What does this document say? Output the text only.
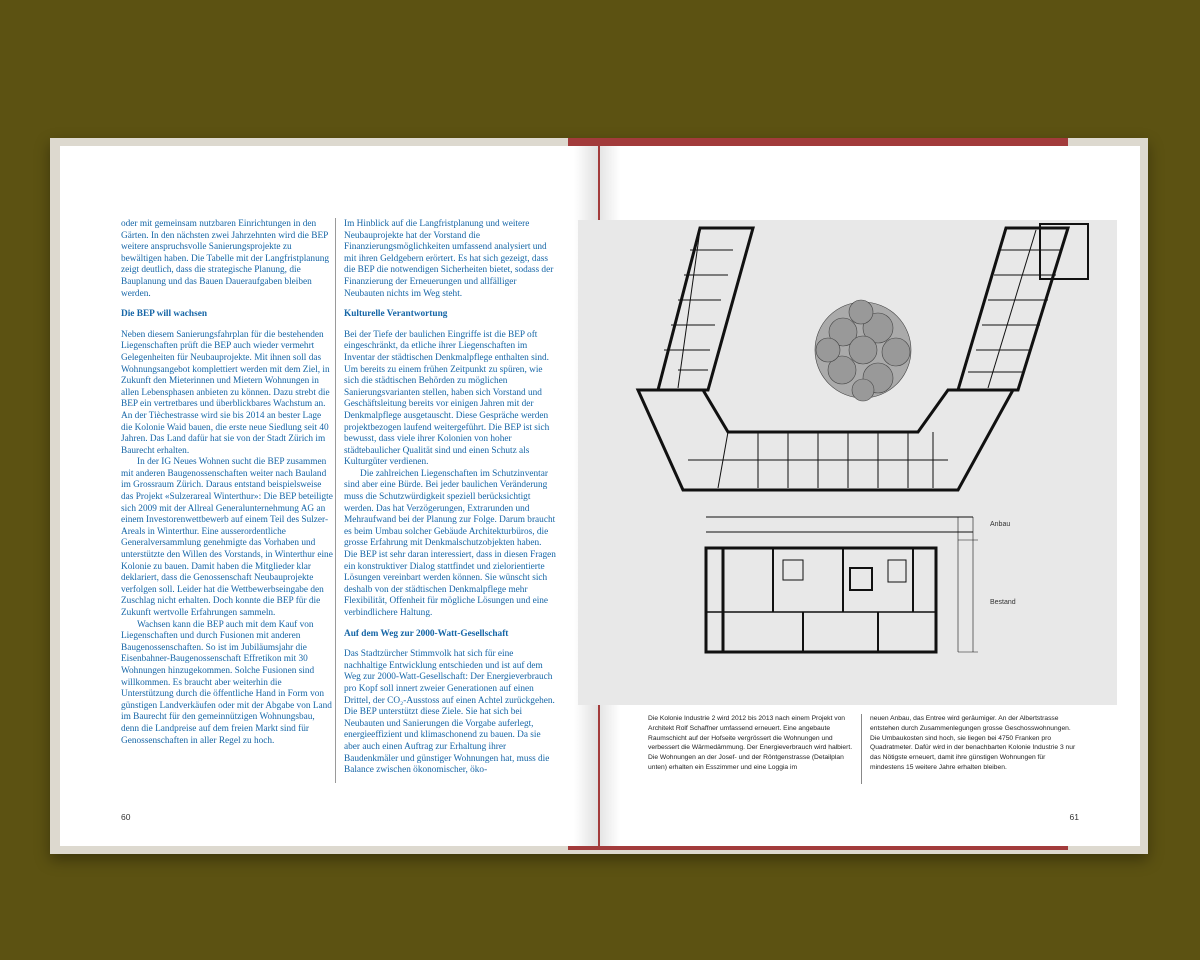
oder mit gemeinsam nutzbaren Einrichtungen in den Gärten. In den nächsten zwei Jahrzehnten wird die BEP weitere anspruchsvolle Sanierungsprojekte zu bewältigen haben. Die Tabelle mit der Langfristplanung zeigt deutlich, dass die strategische Planung, die Bauplanung und das Bauen Daueraufgaben bleiben werden.

Die BEP will wachsen

Neben diesem Sanierungsfahrplan für die bestehenden Liegenschaften prüft die BEP auch wieder vermehrt Gelegenheiten für Neubauprojekte. Mit ihnen soll das Wohnungsangebot komplettiert werden mit dem Ziel, in Zukunft den Mieterinnen und Mietern Wohnungen in allen Lebensphasen anbieten zu können. Dazu strebt die BEP ein vertretbares und überblickbares Wachstum an. An der Tièchestrasse wird sie bis 2014 an bester Lage die Kolonie Waid bauen, die erste neue Siedlung seit 40 Jahren. Das Land dafür hat sie von der Stadt Zürich im Baurecht erhalten.

In der IG Neues Wohnen sucht die BEP zusammen mit anderen Baugenossenschaften weiter nach Bauland im Grossraum Zürich. Daraus entstand beispielsweise das Projekt «Sulzerareal Winterthur»: Die BEP beteiligte sich 2009 mit der Allreal Generalunternehmung AG an einem Investorenwettbewerb auf einem Teil des Sulzer-Areals in Winterthur. Eine ausserordentliche Generalversammlung genehmigte das Vorhaben und unterstützte den Willen des Vorstands, in Winterthur eine Kolonie zu bauen. Damit haben die Mitglieder klar deklariert, dass die Genossenschaft Neubauprojekte verfolgen soll. Leider hat die Wettbewerbseingabe den Zuschlag nicht erhalten. Doch konnte die BEP für die Zukunft wertvolle Erfahrungen sammeln.

Wachsen kann die BEP auch mit dem Kauf von Liegenschaften und durch Fusionen mit anderen Baugenossenschaften. So ist im Jubiläumsjahr die Eisenbahner-Baugenossenschaft Effretikon mit 30 Wohnungen hinzugekommen. Solche Fusionen sind willkommen. Es braucht aber weiterhin die Unterstützung durch die öffentliche Hand in Form von günstigen Landverkäufen oder mit der Abgabe von Land im Baurecht für den gemeinnützigen Wohnungsbau, denn die Landpreise auf dem freien Markt sind für Genossenschaften in aller Regel zu hoch.

Im Hinblick auf die Langfristplanung und weitere Neubauprojekte hat der Vorstand die Finanzierungsmöglichkeiten umfassend analysiert und mit ihren Geldgebern erörtert. Es hat sich gezeigt, dass die BEP die notwendigen Sicherheiten bietet, sodass der Finanzierung der Erneuerungen und allfälliger Neubauten nichts im Weg steht.

Kulturelle Verantwortung

Bei der Tiefe der baulichen Eingriffe ist die BEP oft eingeschränkt, da etliche ihrer Liegenschaften im Inventar der städtischen Denkmalpflege enthalten sind. Um bereits zu einem frühen Zeitpunkt zu spüren, wie sich die städtischen Behörden zu möglichen Sanierungsvarianten stellen, haben sich Vorstand und Geschäftsleitung bereits vor einigen Jahren mit der Denkmalpflege ausgetauscht. Diese Gespräche werden projektbezogen laufend weitergeführt. Die BEP ist sich bewusst, dass viele ihrer Kolonien von hoher städtebaulicher Qualität sind und einen Schutz als Kulturgüter verdienen.

Die zahlreichen Liegenschaften im Schutzinventar sind aber eine Bürde. Bei jeder baulichen Veränderung muss die Schutzwürdigkeit speziell berücksichtigt werden. Das hat Verzögerungen, Extrarunden und Mehraufwand bei der Planung zur Folge. Darum braucht es beim Umbau solcher Gebäude Architekturbüros, die grosse Erfahrung mit Denkmalschutzobjekten haben. Die BEP ist sehr daran interessiert, dass in diesen Fragen ein konstruktiver Dialog stattfindet und zielorientierte Lösungen vereinbart werden können. Sie wünscht sich deshalb von der städtischen Denkmalpflege mehr Flexibilität, Offenheit für mögliche Lösungen und eine verbindlichere Haltung.

Auf dem Weg zur 2000-Watt-Gesellschaft

Das Stadtzürcher Stimmvolk hat sich für eine nachhaltige Entwicklung entschieden und ist auf dem Weg zur 2000-Watt-Gesellschaft: Der Energieverbrauch pro Kopf soll innert zweier Generationen auf einen Drittel, der CO₂-Ausstoss auf einen Achtel zurückgehen. Die BEP unterstützt diese Ziele. Sie hat sich bei Neubauten und Sanierungen die Vorgabe auferlegt, energieeffizient und klimaschonend zu bauen. Da sie aber auch einen Auftrag zur Erhaltung ihrer Baudenkmäler und günstiger Wohnungen hat, muss die Balance zwischen ökonomischer, öko-

60
Anbau
Bestand
Die Kolonie Industrie 2 wird 2012 bis 2013 nach einem Projekt von Architekt Rolf Schaffner umfassend erneuert. Eine angebaute Raumschicht auf der Hofseite vergrössert die Wohnungen und verbessert die Wärmedämmung. Der Energieverbrauch wird halbiert. Die Wohnungen an der Josef- und der Röntgenstrasse (Detailplan unten) erhalten ein Esszimmer und eine Loggia im
neuen Anbau, das Entree wird geräumiger. An der Albertstrasse entstehen durch Zusammenlegungen grosse Geschosswohnungen. Die Umbaukosten sind hoch, sie liegen bei 4750 Franken pro Quadratmeter. Dafür wird in der benachbarten Kolonie Industrie 3 nur das Nötigste erneuert, damit ihre günstigen Wohnungen für mindestens 15 weitere Jahre erhalten bleiben.
61
